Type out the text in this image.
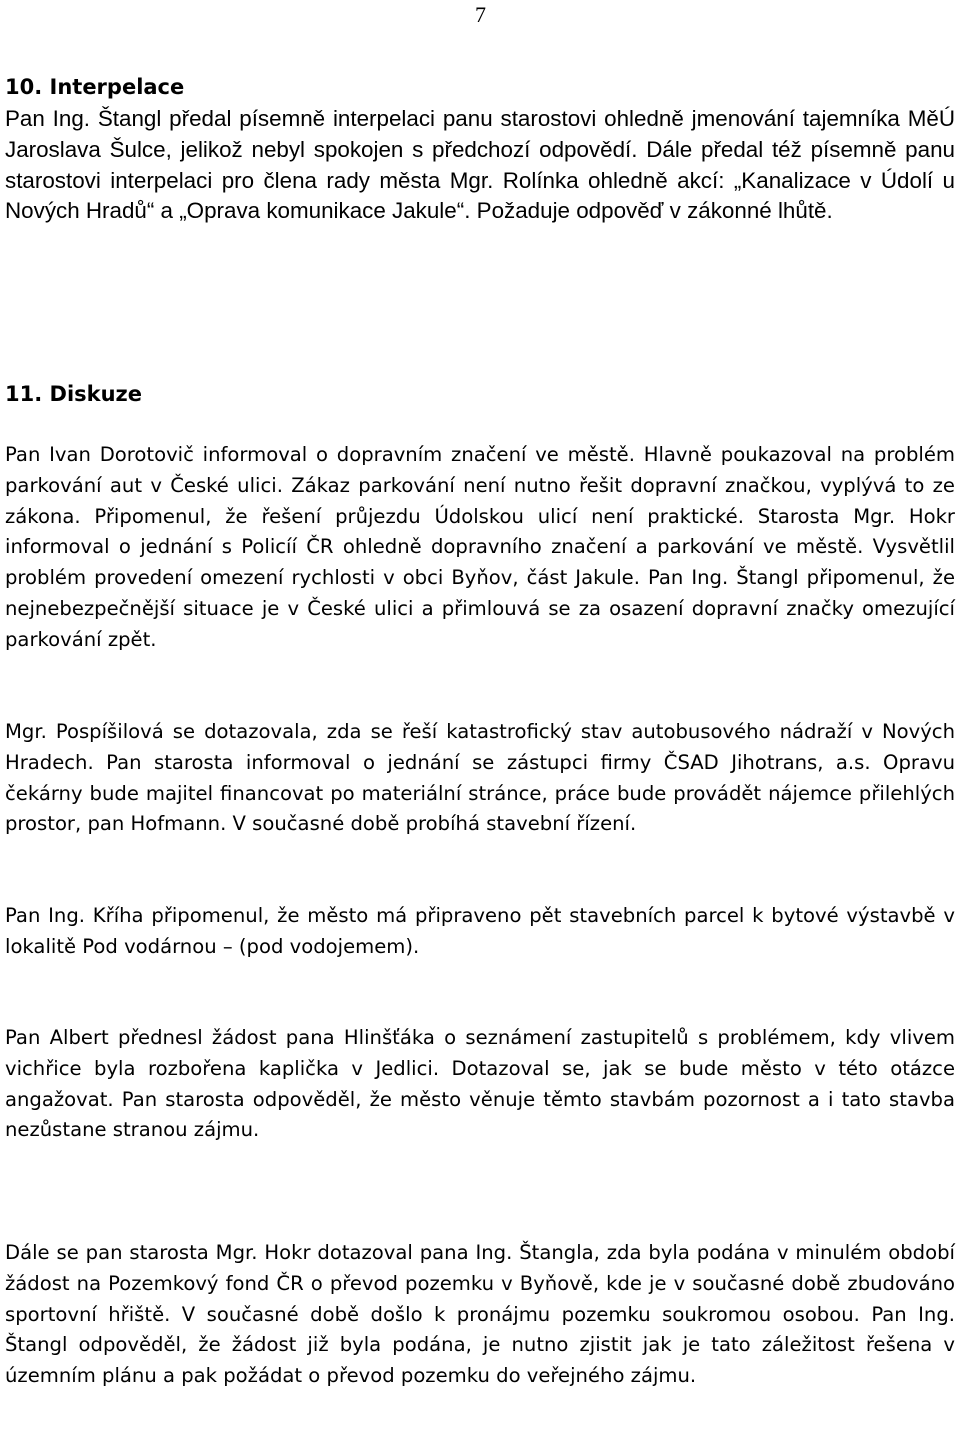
7
10. Interpelace

Pan Ing. Štangl předal písemně interpelaci panu starostovi ohledně jmenování tajemníka MěÚ Jaroslava Šulce, jelikož nebyl spokojen s předchozí odpovědí. Dále předal též písemně panu starostovi interpelaci pro člena rady města Mgr. Rolínka ohledně akcí: „Kanalizace v Údolí u Nových Hradů“ a „Oprava komunikace Jakule“. Požaduje odpověď v zákonné lhůtě.

11. Diskuze

Pan Ivan Dorotovič informoval o dopravním značení ve městě. Hlavně poukazoval na problém parkování aut v České ulici. Zákaz parkování není nutno řešit dopravní značkou, vyplývá to ze zákona. Připomenul, že řešení průjezdu Údolskou ulicí není praktické. Starosta Mgr. Hokr informoval o jednání s Policíí ČR ohledně dopravního značení a parkování ve městě. Vysvětlil problém provedení omezení rychlosti v obci Byňov, část Jakule. Pan Ing. Štangl připomenul, že nejnebezpečnější situace je v České ulici a přimlouvá se za osazení dopravní značky omezující parkování zpět.

Mgr. Pospíšilová se dotazovala, zda se řeší katastrofický stav autobusového nádraží v Nových Hradech. Pan starosta informoval o jednání se zástupci firmy ČSAD Jihotrans, a.s. Opravu čekárny bude majitel financovat po materiální stránce, práce bude provádět nájemce přilehlých prostor, pan Hofmann. V současné době probíhá stavební řízení.

Pan Ing. Kříha připomenul, že město má připraveno pět stavebních parcel k bytové výstavbě v lokalitě Pod vodárnou – (pod vodojemem).

Pan Albert přednesl žádost pana Hlinšťáka o seznámení zastupitelů s problémem, kdy vlivem vichřice byla rozbořena kaplička v Jedlici. Dotazoval se, jak se bude město v této otázce angažovat. Pan starosta odpověděl, že město věnuje těmto stavbám pozornost a i tato stavba nezůstane stranou zájmu.

Dále se pan starosta Mgr. Hokr dotazoval pana Ing. Štangla, zda byla podána v minulém období žádost na Pozemkový fond ČR o převod pozemku v Byňově, kde je v současné době zbudováno sportovní hřiště. V současné době došlo k pronájmu pozemku soukromou osobou. Pan Ing. Štangl odpověděl, že žádost již byla podána, je nutno zjistit jak je tato záležitost řešena v územním plánu a pak požádat o převod pozemku do veřejného zájmu.
